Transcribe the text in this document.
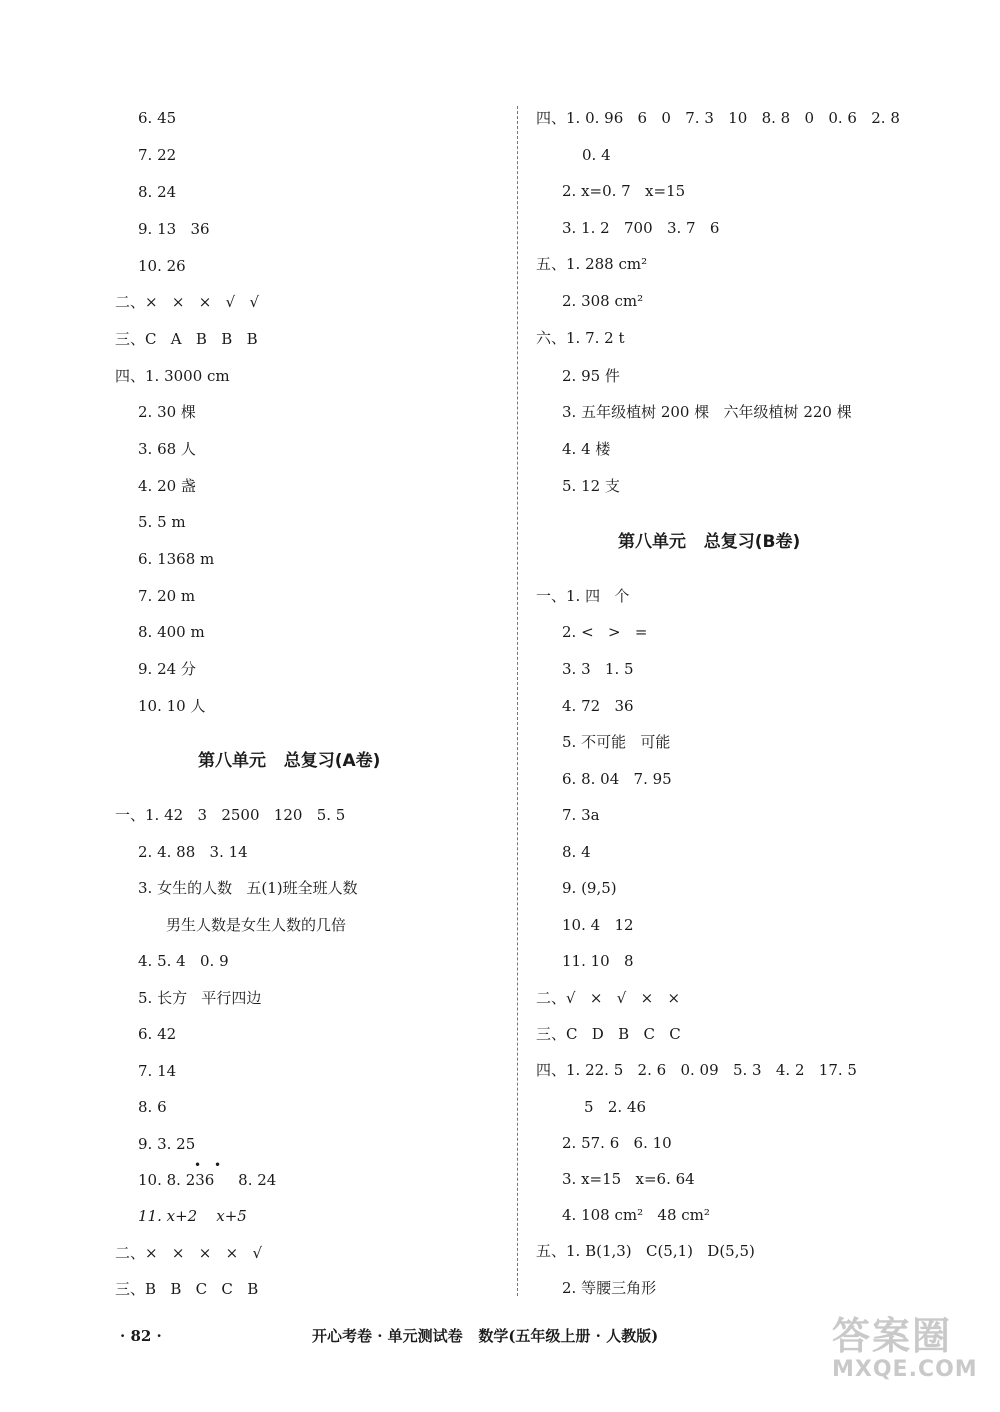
6. 45
7. 22
8. 24
9. 13   36
10. 26
二、×   ×   ×   √   √
三、C   A   B   B   B
四、1. 3000 cm
2. 30 棵
3. 68 人
4. 20 盏
5. 5 m
6. 1368 m
7. 20 m
8. 400 m
9. 24 分
10. 10 人
第八单元   总复习(A卷)
一、1. 42   3   2500   120   5. 5
2. 4. 88   3. 14
3. 女生的人数   五(1)班全班人数
男生人数是女生人数的几倍
4. 5. 4   0. 9
5. 长方   平行四边
6. 42
7. 14
8. 6
9. 3. 25
• •
10. 8. 236     8. 24
11. x+2    x+5
二、×   ×   ×   ×   √
三、B   B   C   C   B
四、1. 0. 96   6   0   7. 3   10   8. 8   0   0. 6   2. 8
0. 4
2. x=0. 7   x=15
3. 1. 2   700   3. 7   6
五、1. 288 cm²
2. 308 cm²
六、1. 7. 2 t
2. 95 件
3. 五年级植树 200 棵   六年级植树 220 棵
4. 4 楼
5. 12 支
第八单元   总复习(B卷)
一、1. 四   个
2. <   >   =
3. 3   1. 5
4. 72   36
5. 不可能   可能
6. 8. 04   7. 95
7. 3a
8. 4
9. (9,5)
10. 4   12
11. 10   8
二、√   ×   √   ×   ×
三、C   D   B   C   C
四、1. 22. 5   2. 6   0. 09   5. 3   4. 2   17. 5
5   2. 46
2. 57. 6   6. 10
3. x=15   x=6. 64
4. 108 cm²   48 cm²
五、1. B(1,3)   C(5,1)   D(5,5)
2. 等腰三角形
· 82 ·	开心考卷 · 单元测试卷   数学(五年级上册 · 人教版)	答案圈
MXQE.COM
